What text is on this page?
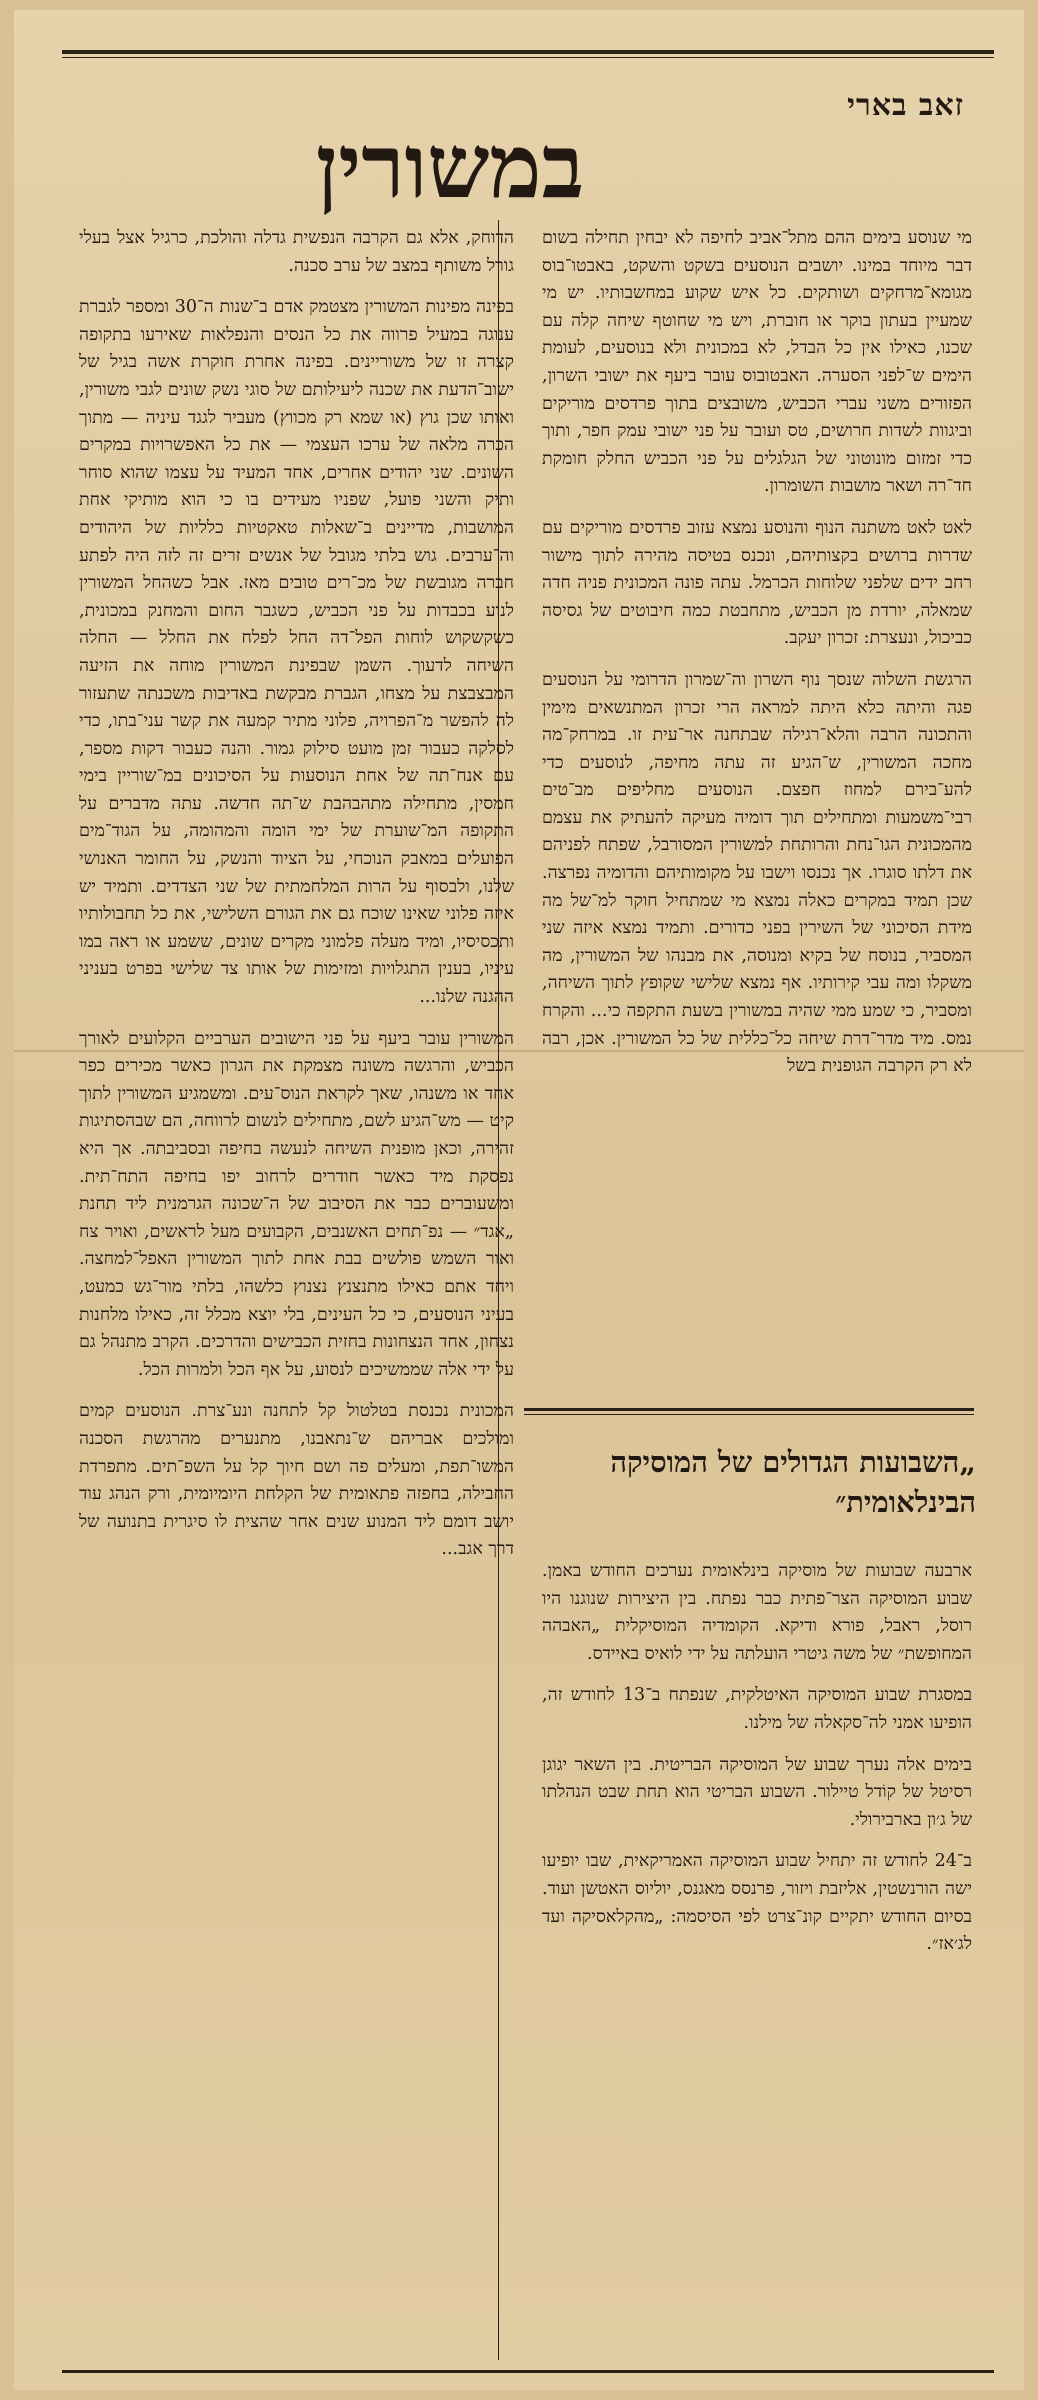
זאב בארי
במשורין

מי שנוסע בימים ההם מתל־אביב לחיפה לא יבחין תחילה בשום דבר מיוחד במינו. יושבים הנוסעים בשקט והשקט, באבטו־בוס מגומא־מרחקים ושותקים. כל איש שקוע במחשבותיו. יש מי שמעיין בעתון בוקר או חוברת, ויש מי שחוטף שיחה קלה עם שכנו, כאילו אין כל הבדל, לא במכונית ולא בנוסעים, לעומת הימים ש־לפני הסערה. האבטובוס עובר ביעף את ישובי השרון, הפזורים משני עברי הכביש, משובצים בתוך פרדסים מוריקים וביגוות לשדות חרושים, טס ועובר על פני ישובי עמק חפר, ותוך כדי זמזום מונוטוני של הגלגלים על פני הכביש החלק חומקת חד־רה ושאר מושבות השומרון.

לאט לאט משתנה הנוף והנוסע נמצא עזוב פרדסים מוריקים עם שדרות ברושים בקצותיהם, ונכנס בטיסה מהירה לתוך מישור רחב ידים שלפני שלוחות הכרמל. עתה פונה המכונית פניה חדה שמאלה, יורדת מן הכביש, מתחבטת כמה חיבוטים של גסיסה כביכול, ונעצרת: זכרון יעקב.

הרגשת השלוה שנסך נוף השרון וה־שמרון הדרומי על הנוסעים פגה והיתה כלא היתה למראה הרי זכרון המתנשאים מימין והתכונה הרבה והלא־רגילה שבתחנה אר־עית זו. במרחק־מה מחכה המשורין, ש־הגיע זה עתה מחיפה, לנוסעים כדי להע־בירם למחוז חפצם. הנוסעים מחליפים מב־טים רבי־משמעות ומתחילים תוך דומיה מעיקה להעתיק את עצמם מהמכונית הגו־נחת והרותחת למשורין המסורבל, שפתח לפניהם את דלתו סוגרו. אך נכנסו וישבו על מקומותיהם והדומיה נפרצה. שכן תמיד במקרים כאלה נמצא מי שמתחיל חוקר למ־של מה מידת הסיכוני של השירין בפני כדורים. ותמיד נמצא איזה שני המסביר, בנוסח של בקיא ומנוסה, את מבנהו של המשורין, מה משקלו ומה עבי קירותיו. אף נמצא שלישי שקופץ לתוך השיחה, ומסביר, כי שמע ממי שהיה במשורין בשעת התקפה כי... והקרח נמס. מיד מדר־דרת שיחה כל־כללית של כל המשורין. אכן, רבה לא רק הקרבה הגופנית בשל

„השבועות הגדולים של המוסיקה הבינלאומית״

ארבעה שבועות של מוסיקה בינלאומית נערכים החודש באמן. שבוע המוסיקה הצר־פתית כבר נפתח. בין היצירות שנוגנו היו רוסל, ראבל, פורא ודיקא. הקומדיה המוסיקלית „האבהה המחופשת״ של משה גיטרי הועלתה על ידי לואיס באיידס.

במסגרת שבוע המוסיקה האיטלקית, שנפתח ב־13 לחודש זה, הופיעו אמני לה־סקאלה של מילנו.

בימים אלה נערך שבוע של המוסיקה הבריטית. בין השאר יגוגן רסיטל של קוֹדל טיילור. השבוע הבריטי הוא תחת שבט הנהלתו של ג׳ון בארבירולי.

ב־24 לחודש זה יתחיל שבוע המוסיקה האמריקאית, שבו יופיעו ישה הורנשטין, אליזבת ויזור, פרנסס מאגנס, יוליוס האטשן ועוד. בסיום החודש יתקיים קונ־צרט לפי הסיסמה: „מהקלאסיקה ועד לג׳אז״.

הדוחק, אלא גם הקרבה הנפשית גדלה והולכת, כרגיל אצל בעלי גורל משותף במצב של ערב סכנה.

בפינה מפינות המשורין מצטמק אדם ב־שנות ה־30 ומספר לגברת ענוגה במעיל פרווה את כל הנסים והנפלאות שאירעו בתקופה קצרה זו של משוריינים. בפינה אחרת חוקרת אשה בגיל של ישוב־הדעת את שכנה ליעילותם של סוגי נשק שונים לגבי משורין, ואותו שכן גוץ (או שמא רק מכווץ) מעביר לגגד עיניה — מתוך הכרה מלאה של ערכו העצמי — את כל האפשרויות במקרים השונים. שני יהודים אחרים, אחד המעיד על עצמו שהוא סוחר ותיק והשני פועל, שפניו מעידים בו כי הוא מותיקי אחת המושבות, מדיינים ב־שאלות טאקטיות כלליות של היהודים וה־ערבים. גוש בלתי מגובל של אנשים זרים זה לזה היה לפתע חברה מגובשת של מכ־רים טובים מאז. אבל כשהחל המשורין לנוע בכבדות על פני הכביש, כשגבר החום והמחנק במכונית, כשקשקוש לוחות הפל־דה החל לפלח את החלל — החלה השיחה לדעוך. השמן שבפינת המשורין מוחה את הזיעה המבצבצת על מצחו, הגברת מבקשת באדיבות משכנתה שתעזור לה להפשר מ־הפרויה, פלוני מתיר קמעה את קשר עני־בתו, כדי לסלקה כעבור זמן מועט סילוק גמור. והנה כעבור דקות מספר, עם אנח־תה של אחת הנוסעות על הסיכונים במ־שוריין בימי חמסין, מתחילה מתהבהבת ש־תה חדשה. עתה מדברים על התקופה המ־שוערת של ימי הומה והמהומה, על הגוד־מים הפועלים במאבק הנוכחי, על הציוד והנשק, על החומר האנושי שלנו, ולבסוף על הרות המלחמתית של שני הצדדים. ותמיד יש איזה פלוני שאינו שוכח גם את הגורם השלישי, את כל תחבולותיו ותכסיסיו, ומיד מעלה פלמוני מקרים שונים, ששמע או ראה במו עיניו, בענין התגלויות ומזימות של אותו צד שלישי בפרט בעניני ההגנה שלנו...

המשורין עובר ביעף על פני הישובים הערביים הקלועים לאורך הכביש, והרגשה משונה מצמקת את הגרון כאשר מכירים כפר אחד או משנהו, שאך לקראת הנוס־עים. ומשמגיע המשורין לתוך קיט — מש־הגיע לשם, מתחילים לנשום לרווחה, הם שבהסתיגות זהירה, וכאן מופנית השיחה לנעשה בחיפה ובסביבתה. אך היא נפסקת מיד כאשר חודרים לרחוב יפו בחיפה התח־תית. ומשעוברים כבר את הסיבוב של ה־שכונה הגרמנית ליד תחנת „אגד״ — נפ־תחים האשנבים, הקבועים מעל לראשים, ואויר צח ואור השמש פולשים בבת אחת לתוך המשורין האפל־למחצה. ויחד אתם כאילו מתנצנץ נצנוץ כלשהו, בלתי מור־גש כמעט, בעיני הנוסעים, כי כל העינים, בלי יוצא מכלל זה, כאילו מלחנות נצחון, אחד הנצחונות בחזית הכבישים והדרכים. הקרב מתנהל גם על ידי אלה שממשיכים לנסוע, על אף הכל ולמרות הכל.

המכונית נכנסת בטלטול קל לתחנה ונע־צרת. הנוסעים קמים ומולכים אבריהם ש־נתאבנו, מתנערים מהרגשת הסכנה המשו־תפת, ומעלים פה ושם חיוך קל על השפ־תים. מתפרדת החבילה, בחפזה פתאומית של הקלחת היומיומית, ורק הנהג עוד יושב דומם ליד המנוע שנים אחר שהצית לו סיגרית בתנועה של דרך אגב...
